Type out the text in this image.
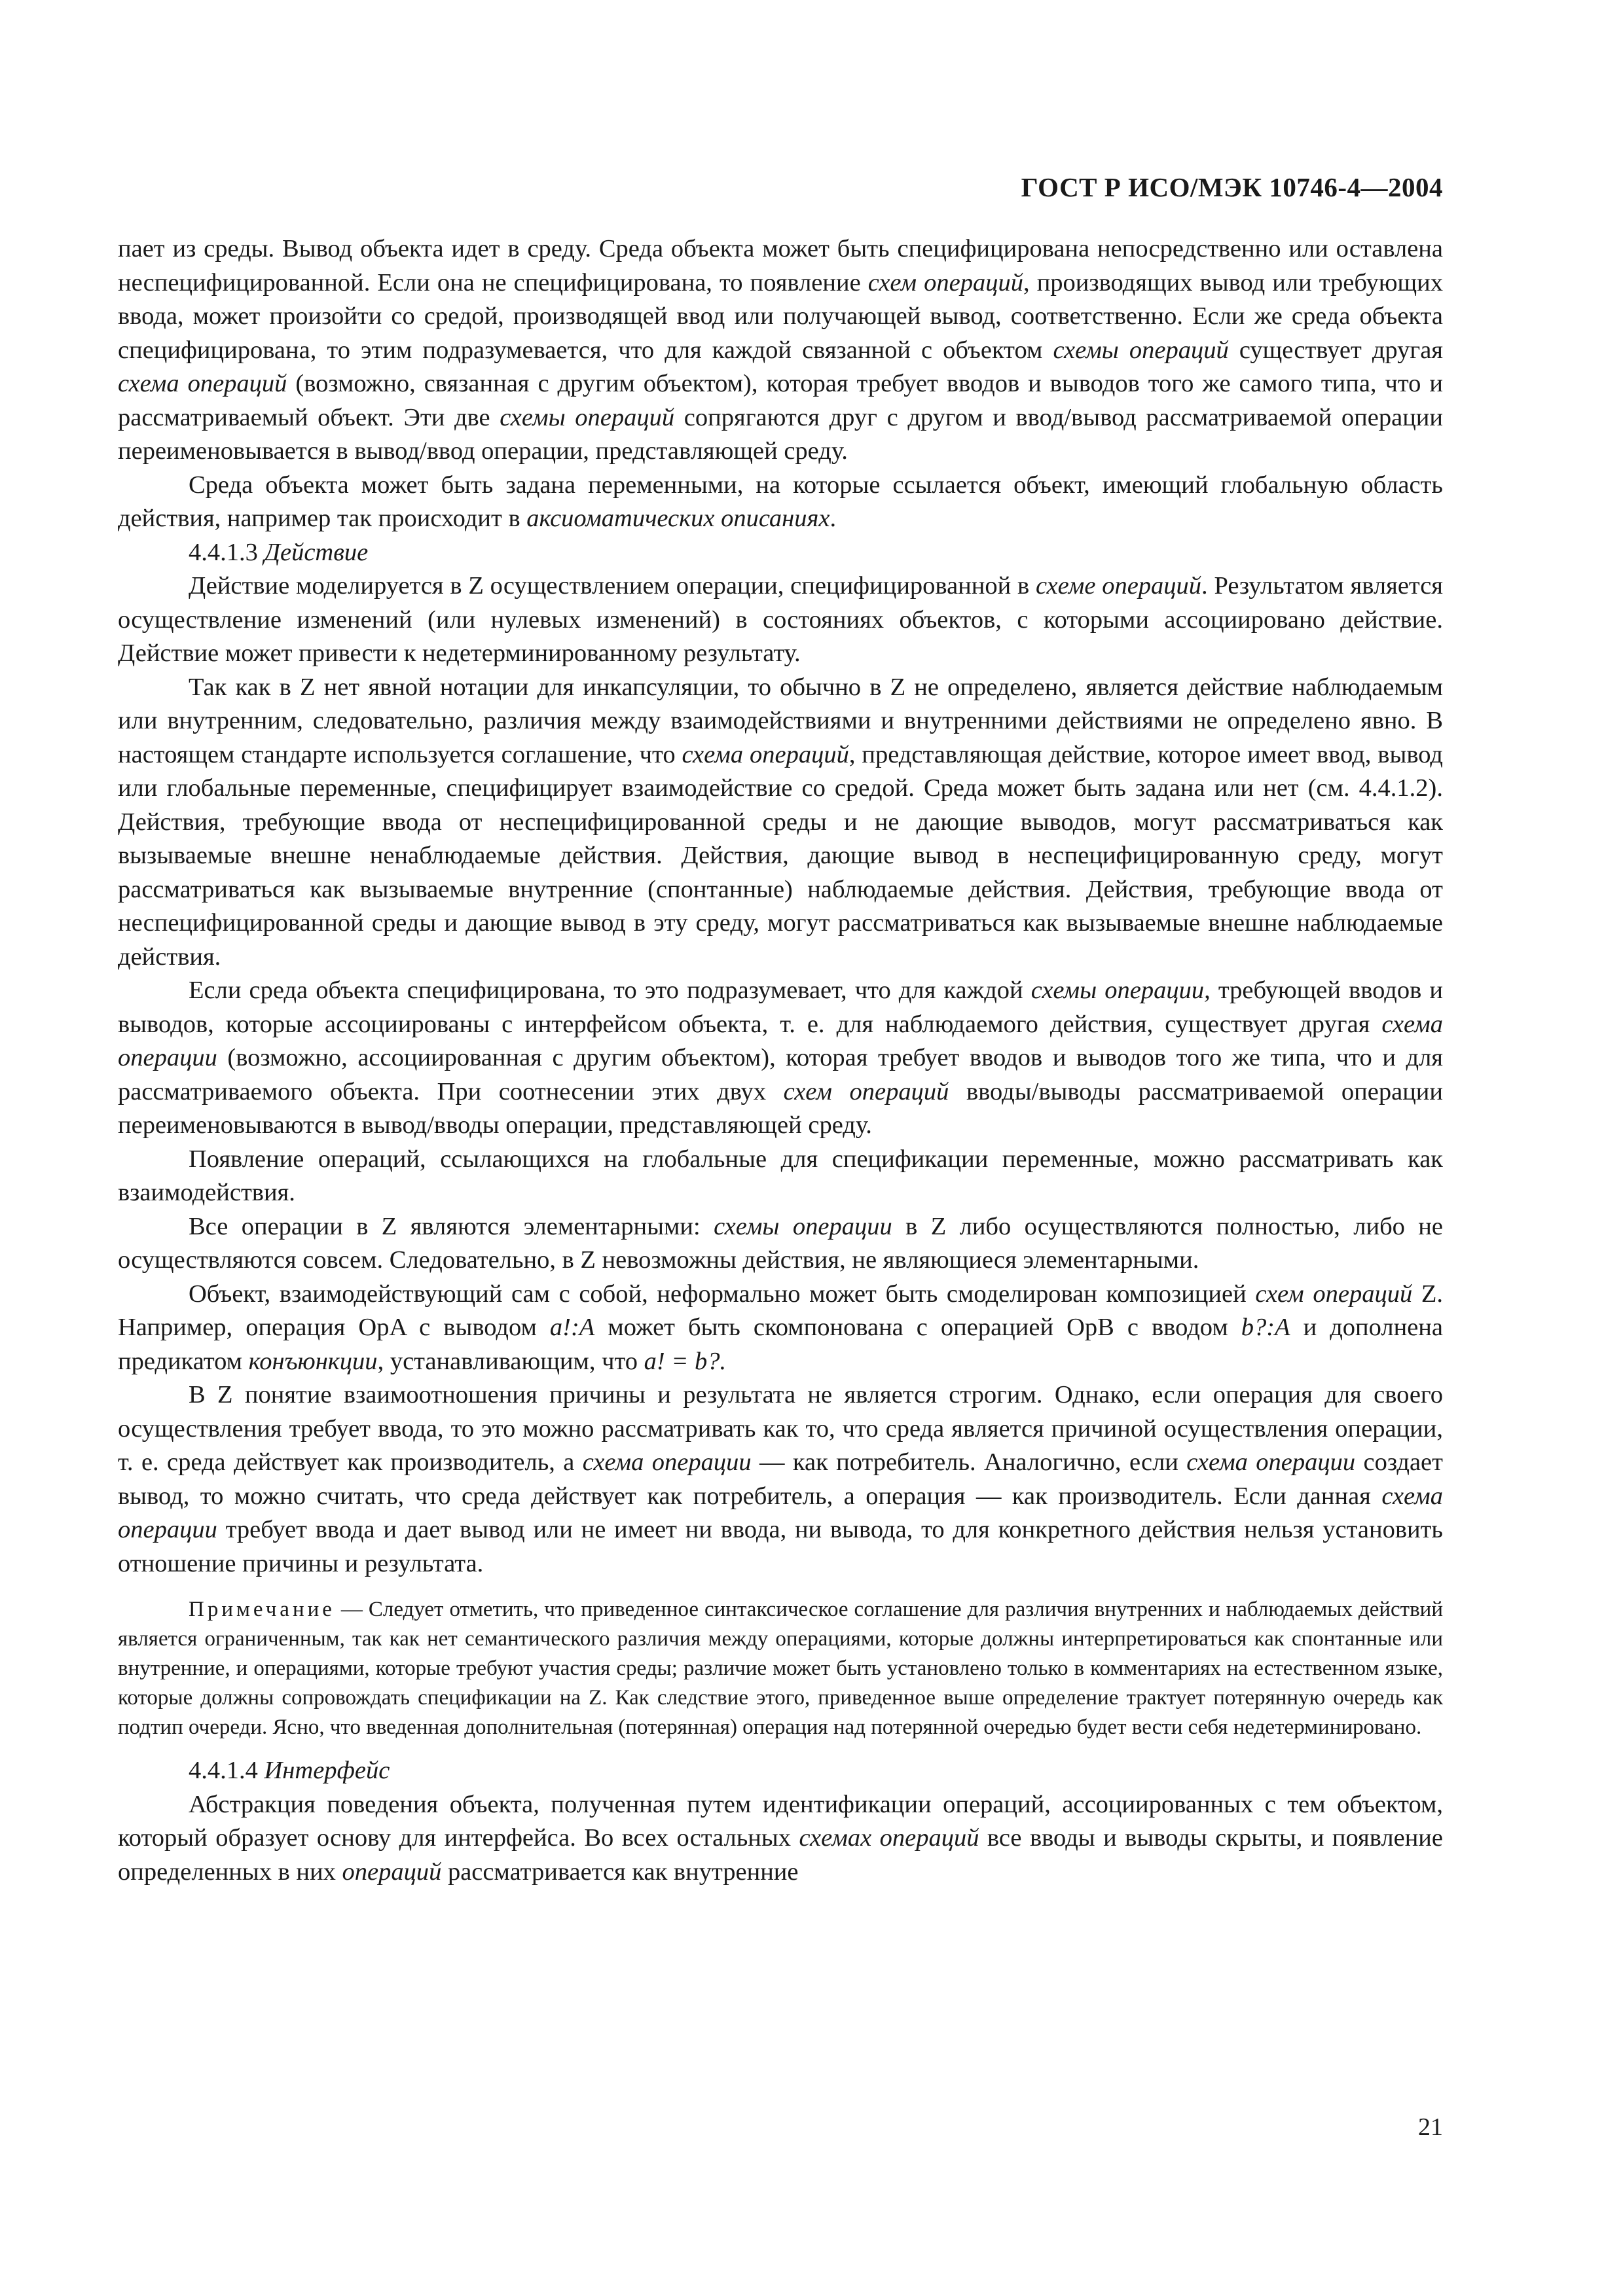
ГОСТ Р ИСО/МЭК 10746-4—2004

пает из среды. Вывод объекта идет в среду. Среда объекта может быть специфицирована непосредственно или оставлена неспецифицированной. Если она не специфицирована, то появление схем операций, производящих вывод или требующих ввода, может произойти со средой, производящей ввод или получающей вывод, соответственно. Если же среда объекта специфицирована, то этим подразумевается, что для каждой связанной с объектом схемы операций существует другая схема операций (возможно, связанная с другим объектом), которая требует вводов и выводов того же самого типа, что и рассматриваемый объект. Эти две схемы операций сопрягаются друг с другом и ввод/вывод рассматриваемой операции переименовывается в вывод/ввод операции, представляющей среду.

Среда объекта может быть задана переменными, на которые ссылается объект, имеющий глобальную область действия, например так происходит в аксиоматических описаниях.

4.4.1.3 Действие

Действие моделируется в Z осуществлением операции, специфицированной в схеме операций. Результатом является осуществление изменений (или нулевых изменений) в состояниях объектов, с которыми ассоциировано действие. Действие может привести к недетерминированному результату.

Так как в Z нет явной нотации для инкапсуляции, то обычно в Z не определено, является действие наблюдаемым или внутренним, следовательно, различия между взаимодействиями и внутренними действиями не определено явно. В настоящем стандарте используется соглашение, что схема операций, представляющая действие, которое имеет ввод, вывод или глобальные переменные, специфицирует взаимодействие со средой. Среда может быть задана или нет (см. 4.4.1.2). Действия, требующие ввода от неспецифицированной среды и не дающие выводов, могут рассматриваться как вызываемые внешне ненаблюдаемые действия. Действия, дающие вывод в неспецифицированную среду, могут рассматриваться как вызываемые внутренние (спонтанные) наблюдаемые действия. Действия, требующие ввода от неспецифицированной среды и дающие вывод в эту среду, могут рассматриваться как вызываемые внешне наблюдаемые действия.

Если среда объекта специфицирована, то это подразумевает, что для каждой схемы операции, требующей вводов и выводов, которые ассоциированы с интерфейсом объекта, т. е. для наблюдаемого действия, существует другая схема операции (возможно, ассоциированная с другим объектом), которая требует вводов и выводов того же типа, что и для рассматриваемого объекта. При соотнесении этих двух схем операций вводы/выводы рассматриваемой операции переименовываются в вывод/вводы операции, представляющей среду.

Появление операций, ссылающихся на глобальные для спецификации переменные, можно рассматривать как взаимодействия.

Все операции в Z являются элементарными: схемы операции в Z либо осуществляются полностью, либо не осуществляются совсем. Следовательно, в Z невозможны действия, не являющиеся элементарными.

Объект, взаимодействующий сам с собой, неформально может быть смоделирован композицией схем операций Z. Например, операция OpA с выводом a!:A может быть скомпонована с операцией OpB с вводом b?:A и дополнена предикатом конъюнкции, устанавливающим, что a! = b?.

В Z понятие взаимоотношения причины и результата не является строгим. Однако, если операция для своего осуществления требует ввода, то это можно рассматривать как то, что среда является причиной осуществления операции, т. е. среда действует как производитель, а схема операции — как потребитель. Аналогично, если схема операции создает вывод, то можно считать, что среда действует как потребитель, а операция — как производитель. Если данная схема операции требует ввода и дает вывод или не имеет ни ввода, ни вывода, то для конкретного действия нельзя установить отношение причины и результата.

Примечание — Следует отметить, что приведенное синтаксическое соглашение для различия внутренних и наблюдаемых действий является ограниченным, так как нет семантического различия между операциями, которые должны интерпретироваться как спонтанные или внутренние, и операциями, которые требуют участия среды; различие может быть установлено только в комментариях на естественном языке, которые должны сопровождать спецификации на Z. Как следствие этого, приведенное выше определение трактует потерянную очередь как подтип очереди. Ясно, что введенная дополнительная (потерянная) операция над потерянной очередью будет вести себя недетерминировано.

4.4.1.4 Интерфейс

Абстракция поведения объекта, полученная путем идентификации операций, ассоциированных с тем объектом, который образует основу для интерфейса. Во всех остальных схемах операций все вводы и выводы скрыты, и появление определенных в них операций рассматривается как внутренние

21
